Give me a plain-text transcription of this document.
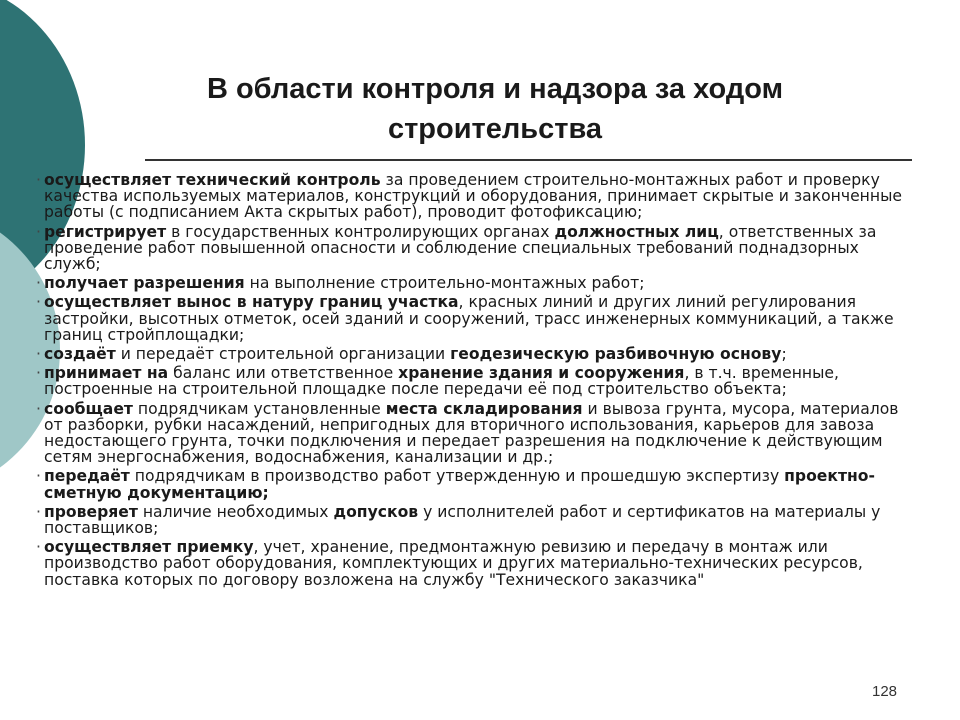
В области контроля и надзора за ходом
строительства
· осуществляет технический контроль за проведением строительно-монтажных работ и проверку качества используемых материалов, конструкций и оборудования, принимает скрытые и законченные работы (с подписанием Акта скрытых работ), проводит фотофиксацию;
· регистрирует в государственных контролирующих органах должностных лиц, ответственных за проведение работ повышенной опасности и соблюдение специальных требований поднадзорных служб;
· получает разрешения на выполнение строительно-монтажных работ;
· осуществляет вынос в натуру границ участка, красных линий и других линий регулирования застройки, высотных отметок, осей зданий и сооружений, трасс инженерных коммуникаций, а также границ стройплощадки;
· создаёт и передаёт строительной организации геодезическую разбивочную основу;
· принимает на баланс или ответственное хранение здания и сооружения, в т.ч. временные, построенные на строительной площадке после передачи её под строительство объекта;
· сообщает подрядчикам установленные места складирования и вывоза грунта, мусора, материалов от разборки, рубки насаждений, непригодных для вторичного использования, карьеров для завоза недостающего грунта, точки подключения и передает разрешения на подключение к действующим сетям энергоснабжения, водоснабжения, канализации и др.;
· передаёт подрядчикам в производство работ утвержденную и прошедшую экспертизу проектно-сметную документацию;
· проверяет наличие необходимых допусков у исполнителей работ и сертификатов на материалы у поставщиков;
· осуществляет приемку, учет, хранение, предмонтажную ревизию и передачу в монтаж или производство работ оборудования, комплектующих и других материально-технических ресурсов, поставка которых по договору возложена на службу "Технического заказчика"
128
